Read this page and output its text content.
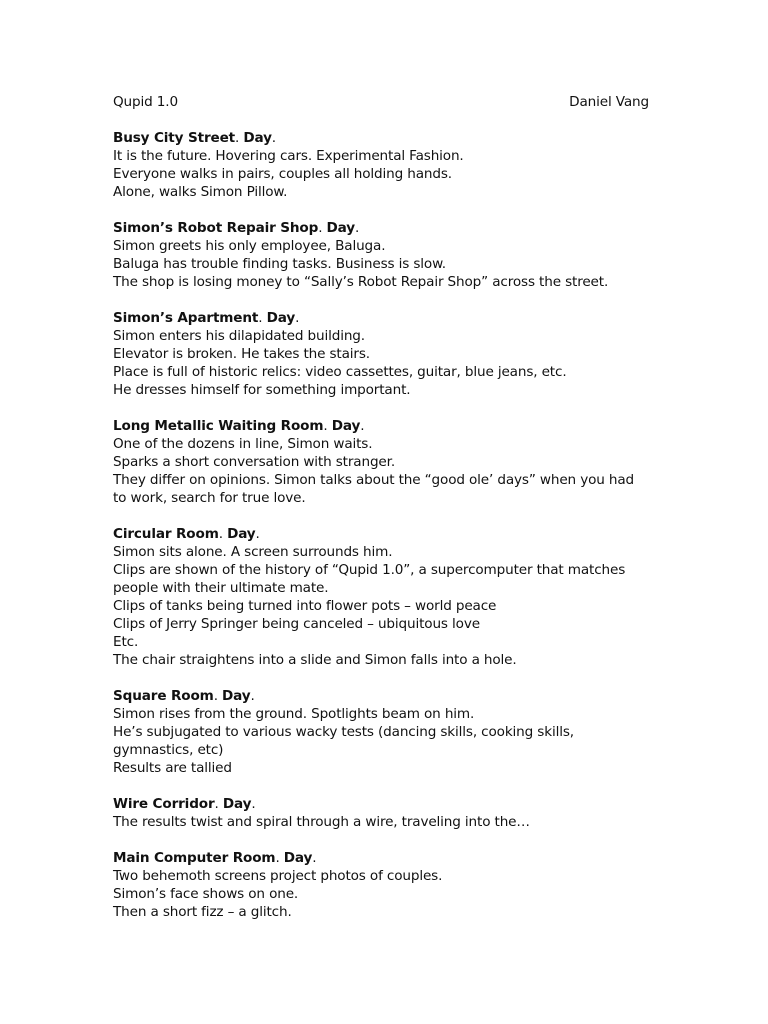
Qupid 1.0	Daniel Vang
Busy City Street. Day.
It is the future. Hovering cars. Experimental Fashion.
Everyone walks in pairs, couples all holding hands.
Alone, walks Simon Pillow.
Simon’s Robot Repair Shop. Day.
Simon greets his only employee, Baluga.
Baluga has trouble finding tasks. Business is slow.
The shop is losing money to “Sally’s Robot Repair Shop” across the street.
Simon’s Apartment. Day.
Simon enters his dilapidated building.
Elevator is broken. He takes the stairs.
Place is full of historic relics: video cassettes, guitar, blue jeans, etc.
He dresses himself for something important.
Long Metallic Waiting Room. Day.
One of the dozens in line, Simon waits.
Sparks a short conversation with stranger.
They differ on opinions. Simon talks about the “good ole’ days” when you had
to work, search for true love.
Circular Room. Day.
Simon sits alone. A screen surrounds him.
Clips are shown of the history of “Qupid 1.0”, a supercomputer that matches
people with their ultimate mate.
Clips of tanks being turned into flower pots – world peace
Clips of Jerry Springer being canceled – ubiquitous love
Etc.
The chair straightens into a slide and Simon falls into a hole.
Square Room. Day.
Simon rises from the ground. Spotlights beam on him.
He’s subjugated to various wacky tests (dancing skills, cooking skills,
gymnastics, etc)
Results are tallied
Wire Corridor. Day.
The results twist and spiral through a wire, traveling into the…
Main Computer Room. Day.
Two behemoth screens project photos of couples.
Simon’s face shows on one.
Then a short fizz – a glitch.
